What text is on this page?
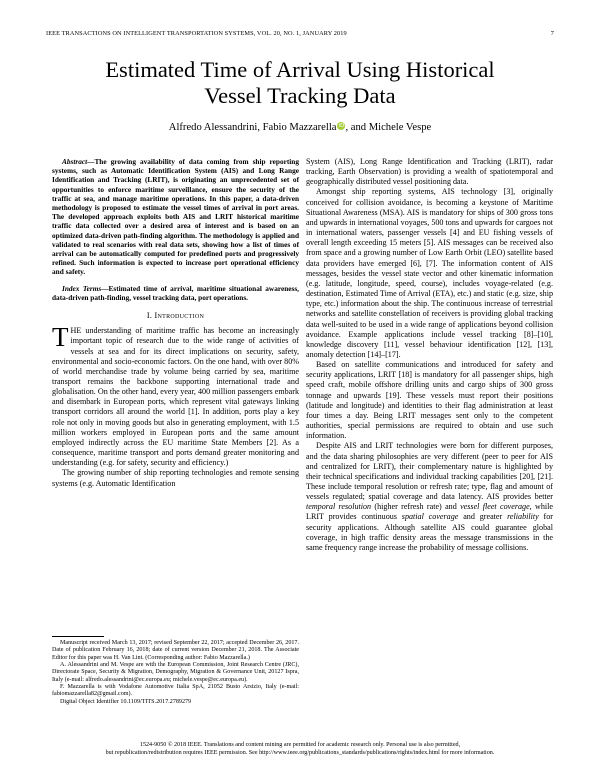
IEEE TRANSACTIONS ON INTELLIGENT TRANSPORTATION SYSTEMS, VOL. 20, NO. 1, JANUARY 2019	7
Estimated Time of Arrival Using Historical
Vessel Tracking Data
Alfredo Alessandrini, Fabio Mazzarella iD, and Michele Vespe

Abstract—The growing availability of data coming from ship reporting systems, such as Automatic Identification System (AIS) and Long Range Identification and Tracking (LRIT), is originating an unprecedented set of opportunities to enforce maritime surveillance, ensure the security of the traffic at sea, and manage maritime operations. In this paper, a data-driven methodology is proposed to estimate the vessel times of arrival in port areas. The developed approach exploits both AIS and LRIT historical maritime traffic data collected over a desired area of interest and is based on an optimized data-driven path-finding algorithm. The methodology is applied and validated to real scenarios with real data sets, showing how a list of times of arrival can be automatically computed for predefined ports and progressively refined. Such information is expected to increase port operational efficiency and safety.

Index Terms—Estimated time of arrival, maritime situational awareness, data-driven path-finding, vessel tracking data, port operations.

I. Introduction

THE understanding of maritime traffic has become an increasingly important topic of research due to the wide range of activities of vessels at sea and for its direct implications on security, safety, environmental and socio-economic factors. On the one hand, with over 80% of world merchandise trade by volume being carried by sea, maritime transport remains the backbone supporting international trade and globalisation. On the other hand, every year, 400 million passengers embark and disembark in European ports, which represent vital gateways linking transport corridors all around the world [1]. In addition, ports play a key role not only in moving goods but also in generating employment, with 1.5 million workers employed in European ports and the same amount employed indirectly across the EU maritime State Members [2]. As a consequence, maritime transport and ports demand greater monitoring and understanding (e.g. for safety, security and efficiency.)

The growing number of ship reporting technologies and remote sensing systems (e.g. Automatic Identification

Manuscript received March 13, 2017; revised September 22, 2017; accepted December 26, 2017. Date of publication February 16, 2018; date of current version December 21, 2018. The Associate Editor for this paper was H. Van Lint. (Corresponding author: Fabio Mazzarella.)

A. Alessandrini and M. Vespe are with the European Commission, Joint Research Centre (JRC), Directorate Space, Security & Migration, Demography, Migration & Governance Unit, 20127 Ispra, Italy (e-mail: alfredo.alessandrini@ec.europa.eu; michele.vespe@ec.europa.eu).

F. Mazzarella is with Vodafone Automotive Italia SpA, 21052 Busto Arsizio, Italy (e-mail: fabiomazzarella82@gmail.com).

Digital Object Identifier 10.1109/TITS.2017.2789279

System (AIS), Long Range Identification and Tracking (LRIT), radar tracking, Earth Observation) is providing a wealth of spatiotemporal and geographically distributed vessel positioning data.

Amongst ship reporting systems, AIS technology [3], originally conceived for collision avoidance, is becoming a keystone of Maritime Situational Awareness (MSA). AIS is mandatory for ships of 300 gross tons and upwards in international voyages, 500 tons and upwards for cargoes not in international waters, passenger vessels [4] and EU fishing vessels of overall length exceeding 15 meters [5]. AIS messages can be received also from space and a growing number of Low Earth Orbit (LEO) satellite based data providers have emerged [6], [7]. The information content of AIS messages, besides the vessel state vector and other kinematic information (e.g. latitude, longitude, speed, course), includes voyage-related (e.g. destination, Estimated Time of Arrival (ETA), etc.) and static (e.g. size, ship type, etc.) information about the ship. The continuous increase of terrestrial networks and satellite constellation of receivers is providing global tracking data well-suited to be used in a wide range of applications beyond collision avoidance. Example applications include vessel tracking [8]–[10], knowledge discovery [11], vessel behaviour identification [12], [13], anomaly detection [14]–[17].

Based on satellite communications and introduced for safety and security applications, LRIT [18] is mandatory for all passenger ships, high speed craft, mobile offshore drilling units and cargo ships of 300 gross tonnage and upwards [19]. These vessels must report their positions (latitude and longitude) and identities to their flag administration at least four times a day. Being LRIT messages sent only to the competent authorities, special permissions are required to obtain and use such information.

Despite AIS and LRIT technologies were born for different purposes, and the data sharing philosophies are very different (peer to peer for AIS and centralized for LRIT), their complementary nature is highlighted by their technical specifications and individual tracking capabilities [20], [21]. These include temporal resolution or refresh rate; type, flag and amount of vessels regulated; spatial coverage and data latency. AIS provides better temporal resolution (higher refresh rate) and vessel fleet coverage, while LRIT provides continuous spatial coverage and greater reliability for security applications. Although satellite AIS could guarantee global coverage, in high traffic density areas the message transmissions in the same frequency range increase the probability of message collisions.

1524-9050 © 2018 IEEE. Translations and content mining are permitted for academic research only. Personal use is also permitted,
but republication/redistribution requires IEEE permission. See http://www.ieee.org/publications_standards/publications/rights/index.html for more information.
